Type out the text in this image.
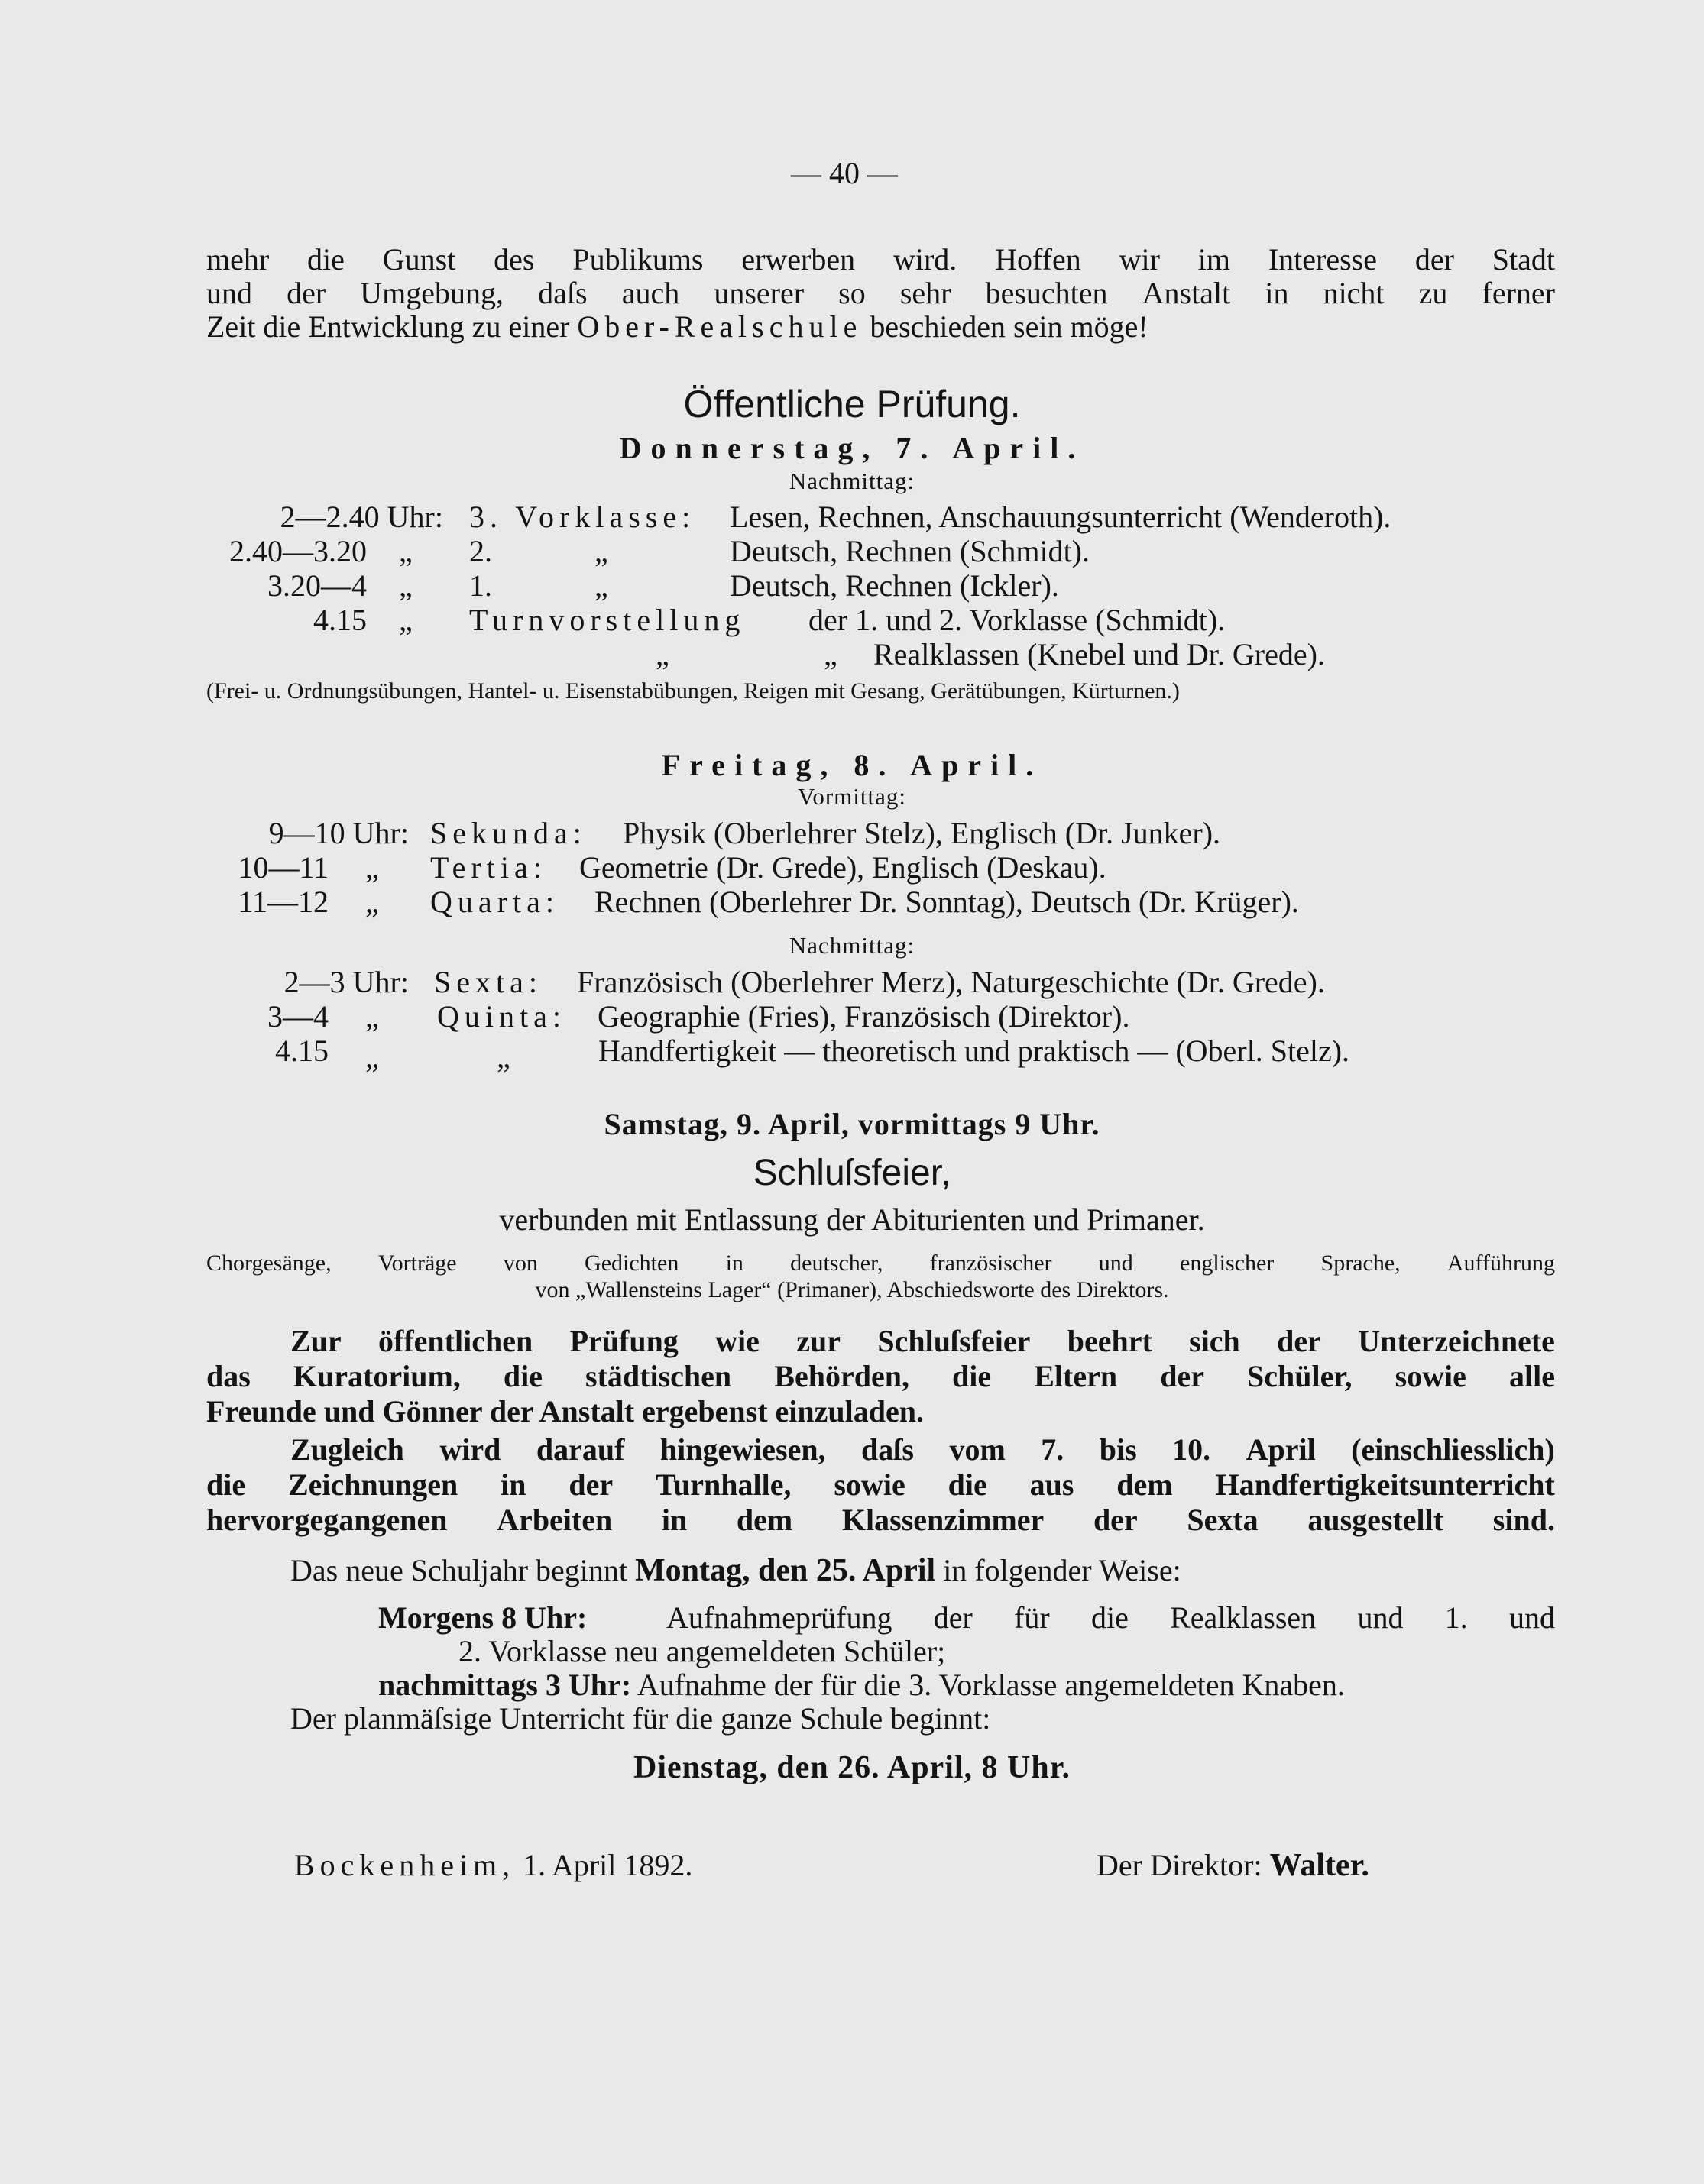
— 40 —
mehr die Gunst des Publikums erwerben wird. Hoffen wir im Interesse der Stadt
und der Umgebung, daſs auch unserer so sehr besuchten Anstalt in nicht zu ferner
Zeit die Entwicklung zu einer Ober-Realschule beschieden sein möge!
Öffentliche Prüfung.
Donnerstag, 7. April.
Nachmittag:
2—2.40 Uhr: 3. Vorklasse: Lesen, Rechnen, Anschauungsunterricht (Wenderoth).
2.40—3.20 „ 2.	„	Deutsch, Rechnen (Schmidt).
3.20—4 „ 1.	„	Deutsch, Rechnen (Ickler).
4.15 „ Turnvorstellung der 1. und 2. Vorklasse (Schmidt).
„	„ Realklassen (Knebel und Dr. Grede).
(Frei- u. Ordnungsübungen, Hantel- u. Eisenstabübungen, Reigen mit Gesang, Gerätübungen, Kürturnen.)
Freitag, 8. April.
Vormittag:
9—10 Uhr: Sekunda: Physik (Oberlehrer Stelz), Englisch (Dr. Junker).
10—11 „ Tertia: Geometrie (Dr. Grede), Englisch (Deskau).
11—12 „ Quarta: Rechnen (Oberlehrer Dr. Sonntag), Deutsch (Dr. Krüger).
Nachmittag:
2—3 Uhr: Sexta: Französisch (Oberlehrer Merz), Naturgeschichte (Dr. Grede).
3—4 „ Quinta: Geographie (Fries), Französisch (Direktor).
4.15 „	„	Handfertigkeit — theoretisch und praktisch — (Oberl. Stelz).
Samstag, 9. April, vormittags 9 Uhr.
Schluſsfeier,
verbunden mit Entlassung der Abiturienten und Primaner.
Chorgesänge, Vorträge von Gedichten in deutscher, französischer und englischer Sprache, Aufführung
von „Wallensteins Lager“ (Primaner), Abschiedsworte des Direktors.
Zur öffentlichen Prüfung wie zur Schluſsfeier beehrt sich der Unterzeichnete
das Kuratorium, die städtischen Behörden, die Eltern der Schüler, sowie alle
Freunde und Gönner der Anstalt ergebenst einzuladen.
Zugleich wird darauf hingewiesen, daſs vom 7. bis 10. April (einschliesslich)
die Zeichnungen in der Turnhalle, sowie die aus dem Handfertigkeitsunterricht
hervorgegangenen Arbeiten in dem Klassenzimmer der Sexta ausgestellt sind.
Das neue Schuljahr beginnt Montag, den 25. April in folgender Weise:
Morgens 8 Uhr:	Aufnahmeprüfung der für die Realklassen und 1. und
2. Vorklasse neu angemeldeten Schüler;
nachmittags 3 Uhr: Aufnahme der für die 3. Vorklasse angemeldeten Knaben.
Der planmäſsige Unterricht für die ganze Schule beginnt:
Dienstag, den 26. April, 8 Uhr.
Bockenheim, 1. April 1892.	Der Direktor: Walter.
